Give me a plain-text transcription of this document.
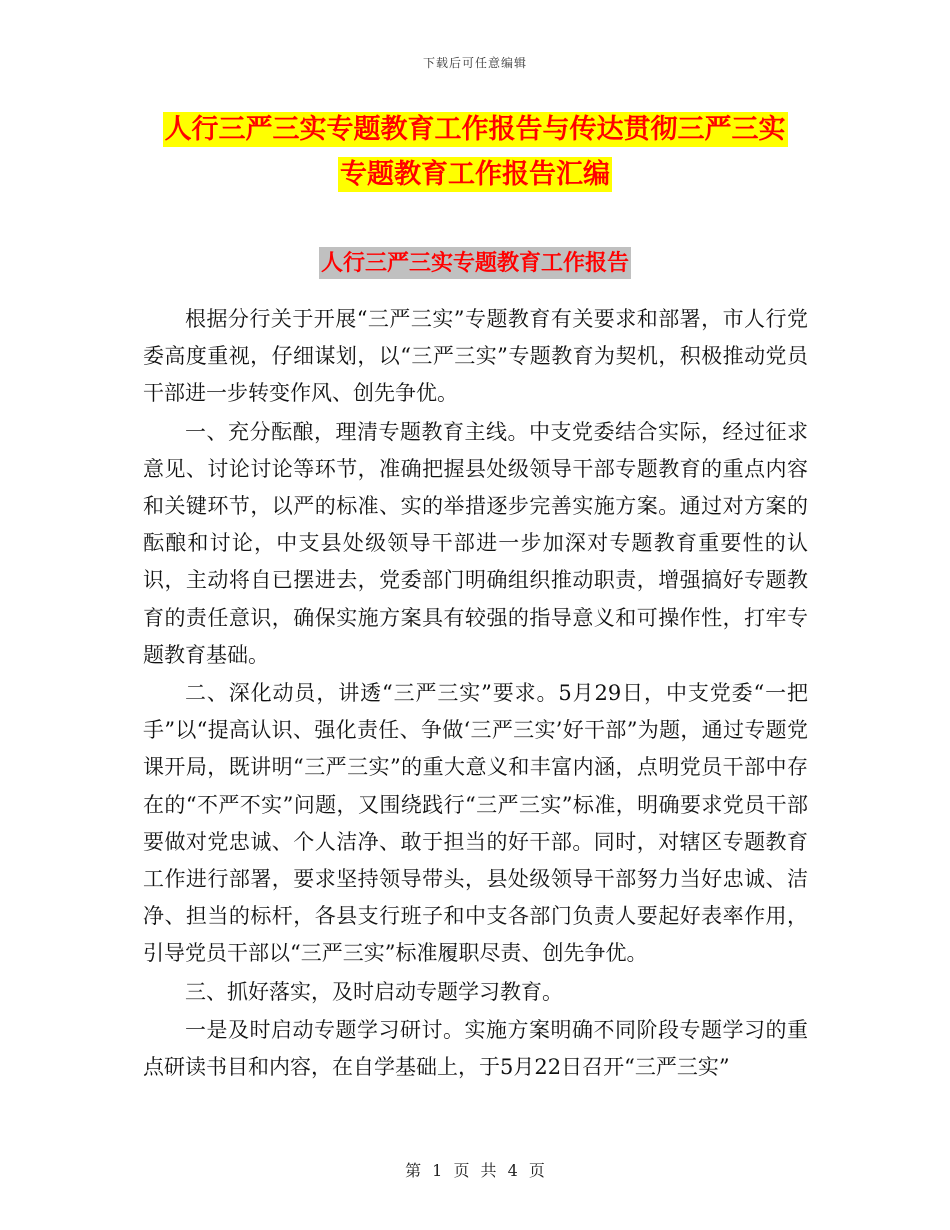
下载后可任意编辑
人行三严三实专题教育工作报告与传达贯彻三严三实
专题教育工作报告汇编
人行三严三实专题教育工作报告

根据分行关于开展“三严三实”专题教育有关要求和部署，市人行党委高度重视，仔细谋划，以“三严三实”专题教育为契机，积极推动党员干部进一步转变作风、创先争优。

一、充分酝酿，理清专题教育主线。中支党委结合实际，经过征求意见、讨论讨论等环节，准确把握县处级领导干部专题教育的重点内容和关键环节，以严的标准、实的举措逐步完善实施方案。通过对方案的酝酿和讨论，中支县处级领导干部进一步加深对专题教育重要性的认识，主动将自已摆进去，党委部门明确组织推动职责，增强搞好专题教育的责任意识，确保实施方案具有较强的指导意义和可操作性，打牢专题教育基础。

二、深化动员，讲透“三严三实”要求。5月29日，中支党委“一把手”以“提高认识、强化责任、争做‘三严三实’好干部”为题，通过专题党课开局，既讲明“三严三实”的重大意义和丰富内涵，点明党员干部中存在的“不严不实”问题，又围绕践行“三严三实”标准，明确要求党员干部要做对党忠诚、个人洁净、敢于担当的好干部。同时，对辖区专题教育工作进行部署，要求坚持领导带头，县处级领导干部努力当好忠诚、洁净、担当的标杆，各县支行班子和中支各部门负责人要起好表率作用，引导党员干部以“三严三实”标准履职尽责、创先争优。

三、抓好落实，及时启动专题学习教育。

一是及时启动专题学习研讨。实施方案明确不同阶段专题学习的重点研读书目和内容，在自学基础上，于5月22日召开“三严三实”

第 1 页 共 4 页
